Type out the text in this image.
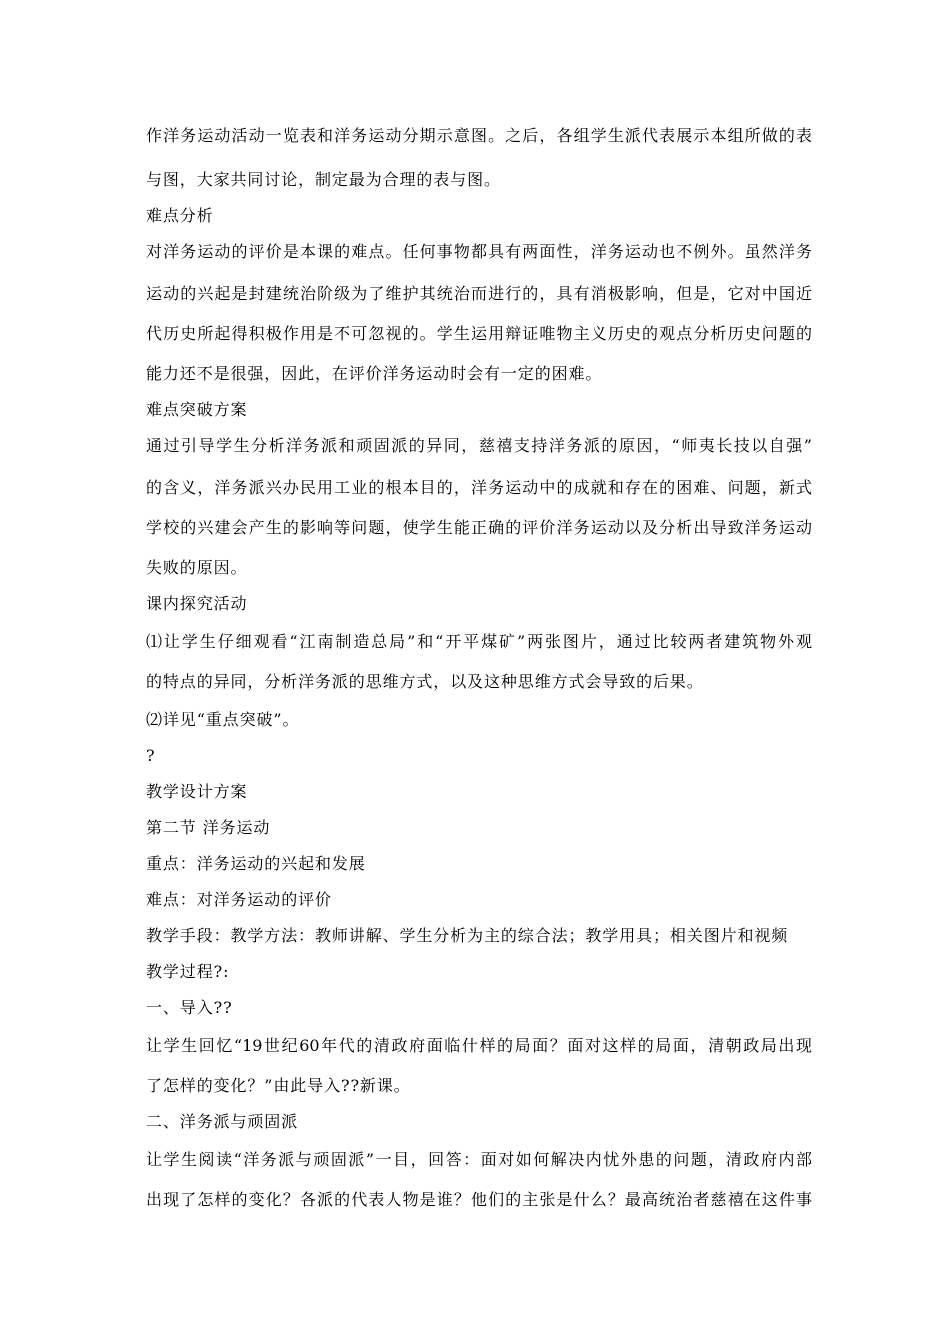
作洋务运动活动一览表和洋务运动分期示意图。之后，各组学生派代表展示本组所做的表
与图，大家共同讨论，制定最为合理的表与图。
难点分析
对洋务运动的评价是本课的难点。任何事物都具有两面性，洋务运动也不例外。虽然洋务
运动的兴起是封建统治阶级为了维护其统治而进行的，具有消极影响，但是，它对中国近
代历史所起得积极作用是不可忽视的。学生运用辩证唯物主义历史的观点分析历史问题的
能力还不是很强，因此，在评价洋务运动时会有一定的困难。
难点突破方案
通过引导学生分析洋务派和顽固派的异同，慈禧支持洋务派的原因，“师夷长技以自强”
的含义，洋务派兴办民用工业的根本目的，洋务运动中的成就和存在的困难、问题，新式
学校的兴建会产生的影响等问题，使学生能正确的评价洋务运动以及分析出导致洋务运动
失败的原因。
课内探究活动
⑴让学生仔细观看“江南制造总局”和“开平煤矿”两张图片，通过比较两者建筑物外观
的特点的异同，分析洋务派的思维方式，以及这种思维方式会导致的后果。
⑵详见“重点突破”。
?
教学设计方案
第二节 洋务运动
重点：洋务运动的兴起和发展
难点：对洋务运动的评价
教学手段：教学方法：教师讲解、学生分析为主的综合法；教学用具；相关图片和视频
教学过程?:
一、导入??
让学生回忆“19世纪60年代的清政府面临什样的局面？面对这样的局面，清朝政局出现
了怎样的变化？”由此导入??新课。
二、洋务派与顽固派
让学生阅读“洋务派与顽固派”一目，回答：面对如何解决内忧外患的问题，清政府内部
出现了怎样的变化？各派的代表人物是谁？他们的主张是什么？最高统治者慈禧在这件事
